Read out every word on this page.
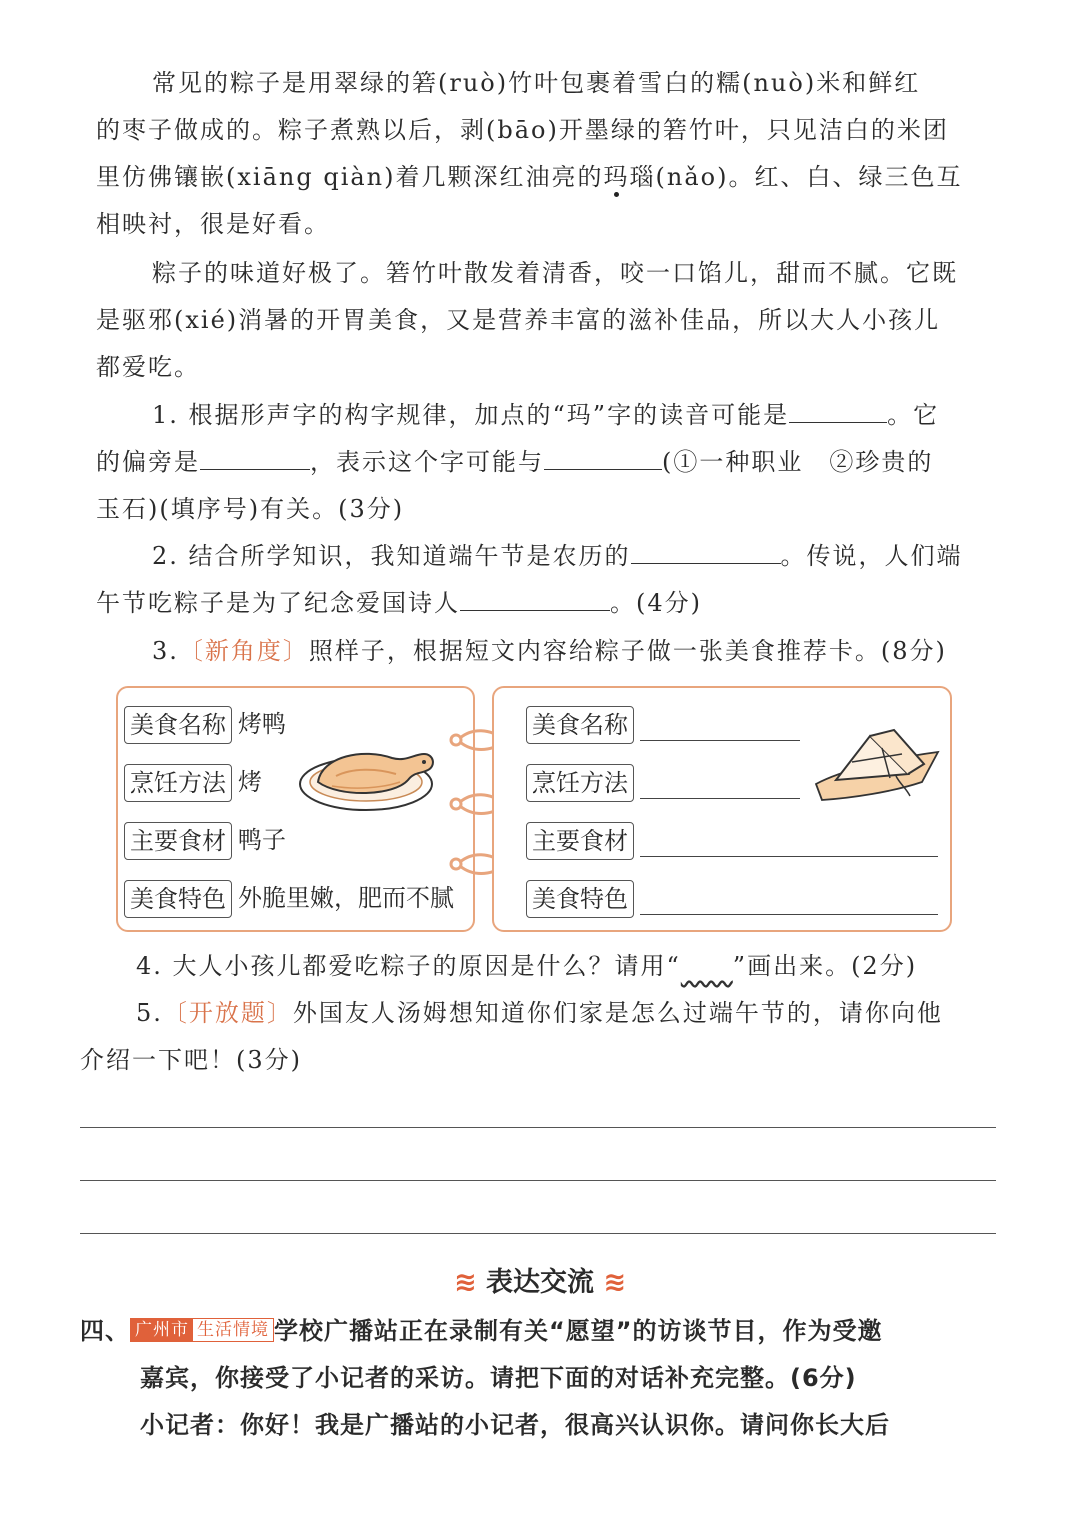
常见的粽子是用翠绿的箬(ruò)竹叶包裹着雪白的糯(nuò)米和鲜红
的枣子做成的。粽子煮熟以后，剥(bāo)开墨绿的箬竹叶，只见洁白的米团
里仿佛镶嵌(xiāng qiàn)着几颗深红油亮的玛瑙(nǎo)。红、白、绿三色互
相映衬，很是好看。
粽子的味道好极了。箬竹叶散发着清香，咬一口馅儿，甜而不腻。它既
是驱邪(xié)消暑的开胃美食，又是营养丰富的滋补佳品，所以大人小孩儿
都爱吃。
1. 根据形声字的构字规律，加点的“玛”字的读音可能是	。它
的偏旁是	，表示这个字可能与	(①一种职业　②珍贵的
玉石)(填序号)有关。(3分)
2. 结合所学知识，我知道端午节是农历的	。传说，人们端
午节吃粽子是为了纪念爱国诗人	。(4分)
3.〔新角度〕照样子，根据短文内容给粽子做一张美食推荐卡。(8分)
美食名称 烤鸭
烹饪方法 烤
主要食材 鸭子
美食特色 外脆里嫩，肥而不腻
美食名称
烹饪方法
主要食材
美食特色
4. 大人小孩儿都爱吃粽子的原因是什么？请用“　　 ”画出来。(2分)
5.〔开放题〕外国友人汤姆想知道你们家是怎么过端午节的，请你向他
介绍一下吧！(3分)
≋ 表达交流 ≋
四、 广州市 生活情境 学校广播站正在录制有关“愿望”的访谈节目，作为受邀
嘉宾，你接受了小记者的采访。请把下面的对话补充完整。(6分)
小记者：你好！我是广播站的小记者，很高兴认识你。请问你长大后
